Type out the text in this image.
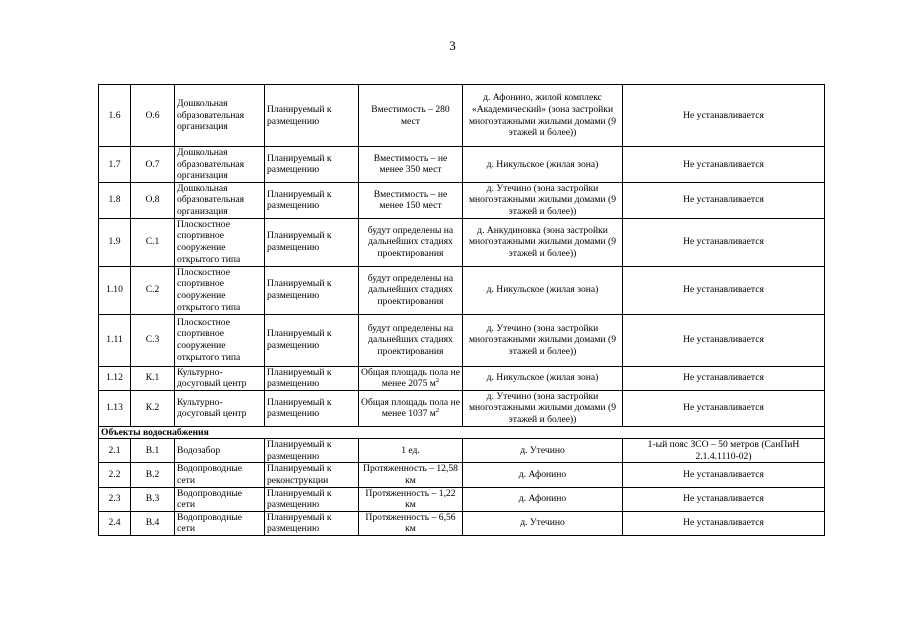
3
1.6	О.6	Дошкольная образовательная организация	Планируемый к размещению	Вместимость – 280 мест	д. Афонино, жилой комплекс «Академический» (зона застройки многоэтажными жилыми домами (9 этажей и более))	Не устанавливается
1.7	О.7	Дошкольная образовательная организация	Планируемый к размещению	Вместимость – не менее 350 мест	д. Никульское (жилая зона)	Не устанавливается
1.8	О.8	Дошкольная образовательная организация	Планируемый к размещению	Вместимость – не менее 150 мест	д. Утечино (зона застройки многоэтажными жилыми домами (9 этажей и более))	Не устанавливается
1.9	С.1	Плоскостное спортивное сооружение открытого типа	Планируемый к размещению	будут определены на дальнейших стадиях проектирования	д. Анкудиновка (зона застройки многоэтажными жилыми домами (9 этажей и более))	Не устанавливается
1.10	С.2	Плоскостное спортивное сооружение открытого типа	Планируемый к размещению	будут определены на дальнейших стадиях проектирования	д. Никульское (жилая зона)	Не устанавливается
1.11	С.3	Плоскостное спортивное сооружение открытого типа	Планируемый к размещению	будут определены на дальнейших стадиях проектирования	д. Утечино (зона застройки многоэтажными жилыми домами (9 этажей и более))	Не устанавливается
1.12	К.1	Культурно-досуговый центр	Планируемый к размещению	Общая площадь пола не менее 2075 $м^2$	д. Никульское (жилая зона)	Не устанавливается
1.13	К.2	Культурно-досуговый центр	Планируемый к размещению	Общая площадь пола не менее 1037 $м^2$	д. Утечино (зона застройки многоэтажными жилыми домами (9 этажей и более))	Не устанавливается
Объекты водоснабжения						
2.1	В.1	Водозабор	Планируемый к размещению	1 ед.	д. Утечино	1-ый пояс ЗСО – 50 метров (СанПиН 2.1.4.1110-02)
2.2	В.2	Водопроводные сети	Планируемый к реконструкции	Протяженность – 12,58 км	д. Афонино	Не устанавливается
2.3	В.3	Водопроводные сети	Планируемый к размещению	Протяженность – 1,22 км	д. Афонино	Не устанавливается
2.4	В.4	Водопроводные сети	Планируемый к размещению	Протяженность – 6,56 км	д. Утечино	Не устанавливается
